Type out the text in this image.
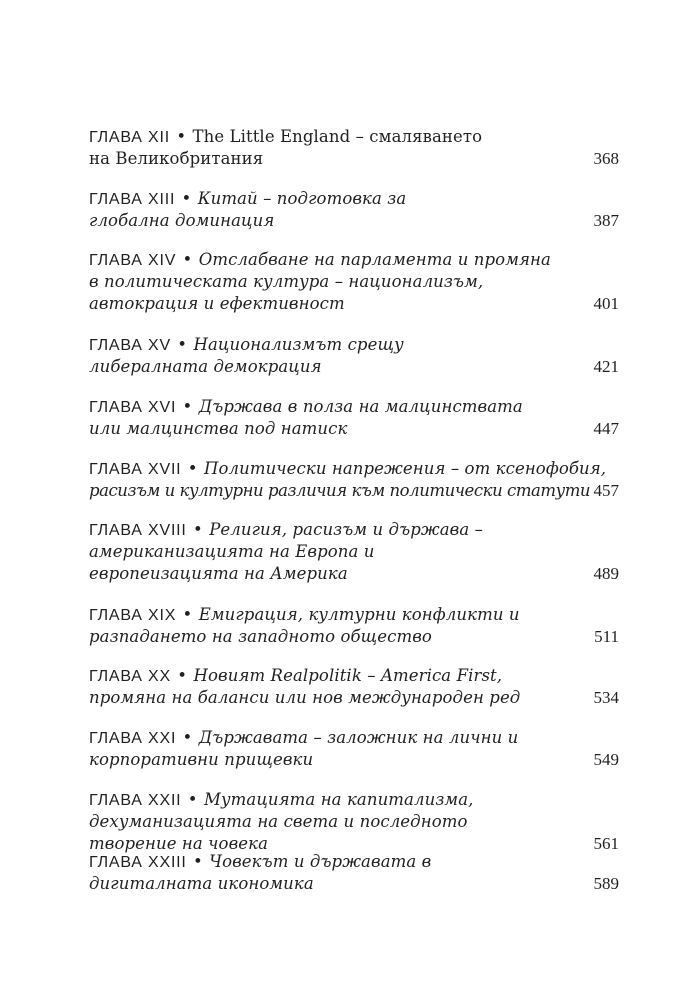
ГЛАВА XII • The Little England – смаляването
на Великобритания	368
ГЛАВА XIII • Китай – подготовка за
глобална доминация	387
ГЛАВА XIV • Отслабване на парламента и промяна
в политическата култура – национализъм,
автокрация и ефективност	401
ГЛАВА XV • Национализмът срещу
либералната демокрация	421
ГЛАВА XVI • Държава в полза на малцинствата
или малцинства под натиск	447
ГЛАВА XVII • Политически напрежения – от ксенофобия,
расизъм и културни различия към политически статути 457
ГЛАВА XVIII • Религия, расизъм и държава –
американизацията на Европа и
европеизацията на Америка	489
ГЛАВА XIX • Емиграция, културни конфликти и
разпадането на западното общество	511
ГЛАВА XX • Новият Realpolitik – America First,
промяна на баланси или нов международен ред	534
ГЛАВА XXI • Държавата – заложник на лични и
корпоративни прищевки	549
ГЛАВА XXII • Мутацията на капитализма,
дехуманизацията на света и последното
творение на човека	561
ГЛАВА XXIII • Човекът и държавата в
дигиталната икономика	589
